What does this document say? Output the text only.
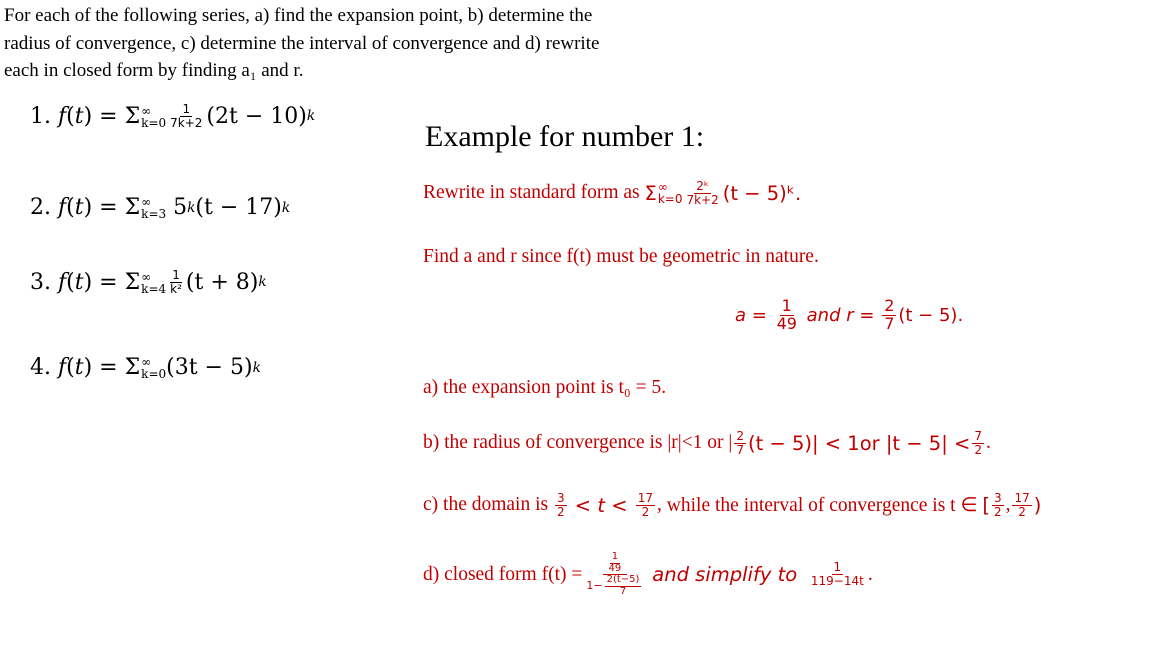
For each of the following series, a) find the expansion point, b) determine the

radius of convergence, c) determine the interval of convergence and d) rewrite

each in closed form by finding a₁ and r.

1.
f ( t ) = Σ ∞
$k=0 \frac{1}{7k+2} (2t - 10)$ k
2.
f ( t ) = Σ ∞
k=3
5 k (t − 17) k
3.
f ( t ) = Σ ∞
$k=4 \frac{1}{\text{k²}} (t + 8)$ k
4.
f ( t ) = Σ ∞
k=0 (3t − 5) k
Example for number 1:
Rewrite in standard form as
Σ ∞
$k=0 \frac{\text{2ᵏ}}{7k+2} (t$ − 5)ᵏ.
Find a and r since f(t) must be geometric in nature.
$a = \frac{1}{49}$
and $r = \frac{2}{7} (t - 5)$.
a) the expansion point is t₀ = 5.
b) the radius of convergence is |r|<1 or | $\frac{2}{7} (t - 5)| < 1or$ $|t - 5| < \frac{7}{2}$ .
c) the domain is
$\frac{3}{2} < t < \frac{17}{2}$ , while the interval of convergence is t ∈
[ $\frac{3}{2}$ , $\frac{17}{2}$ )
d) closed form $f(t) = \frac{\frac{1}{49}}{1- \frac{2(t-5)}{7}}$
and simplify to
$\frac{1}{119-14t}$ .
